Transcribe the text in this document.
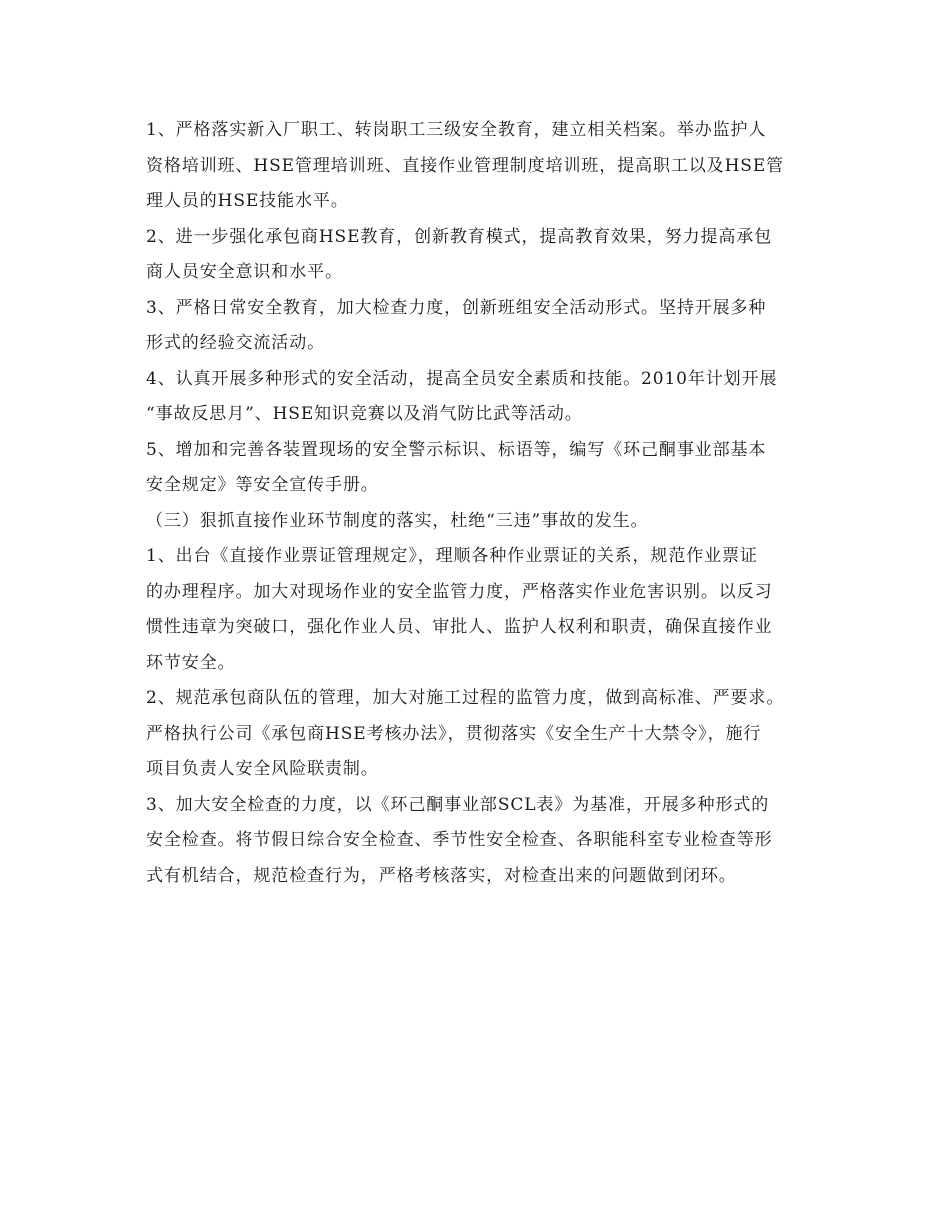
1、严格落实新入厂职工、转岗职工三级安全教育，建立相关档案。举办监护人
资格培训班、HSE管理培训班、直接作业管理制度培训班，提高职工以及HSE管
理人员的HSE技能水平。
2、进一步强化承包商HSE教育，创新教育模式，提高教育效果，努力提高承包
商人员安全意识和水平。
3、严格日常安全教育，加大检查力度，创新班组安全活动形式。坚持开展多种
形式的经验交流活动。
4、认真开展多种形式的安全活动，提高全员安全素质和技能。2010年计划开展
“事故反思月”、HSE知识竞赛以及消气防比武等活动。
5、增加和完善各装置现场的安全警示标识、标语等，编写《环己酮事业部基本
安全规定》等安全宣传手册。
（三）狠抓直接作业环节制度的落实，杜绝“三违”事故的发生。
1、出台《直接作业票证管理规定》，理顺各种作业票证的关系，规范作业票证
的办理程序。加大对现场作业的安全监管力度，严格落实作业危害识别。以反习
惯性违章为突破口，强化作业人员、审批人、监护人权利和职责，确保直接作业
环节安全。
2、规范承包商队伍的管理，加大对施工过程的监管力度，做到高标准、严要求。
严格执行公司《承包商HSE考核办法》，贯彻落实《安全生产十大禁令》，施行
项目负责人安全风险联责制。
3、加大安全检查的力度，以《环己酮事业部SCL表》为基准，开展多种形式的
安全检查。将节假日综合安全检查、季节性安全检查、各职能科室专业检查等形
式有机结合，规范检查行为，严格考核落实，对检查出来的问题做到闭环。
